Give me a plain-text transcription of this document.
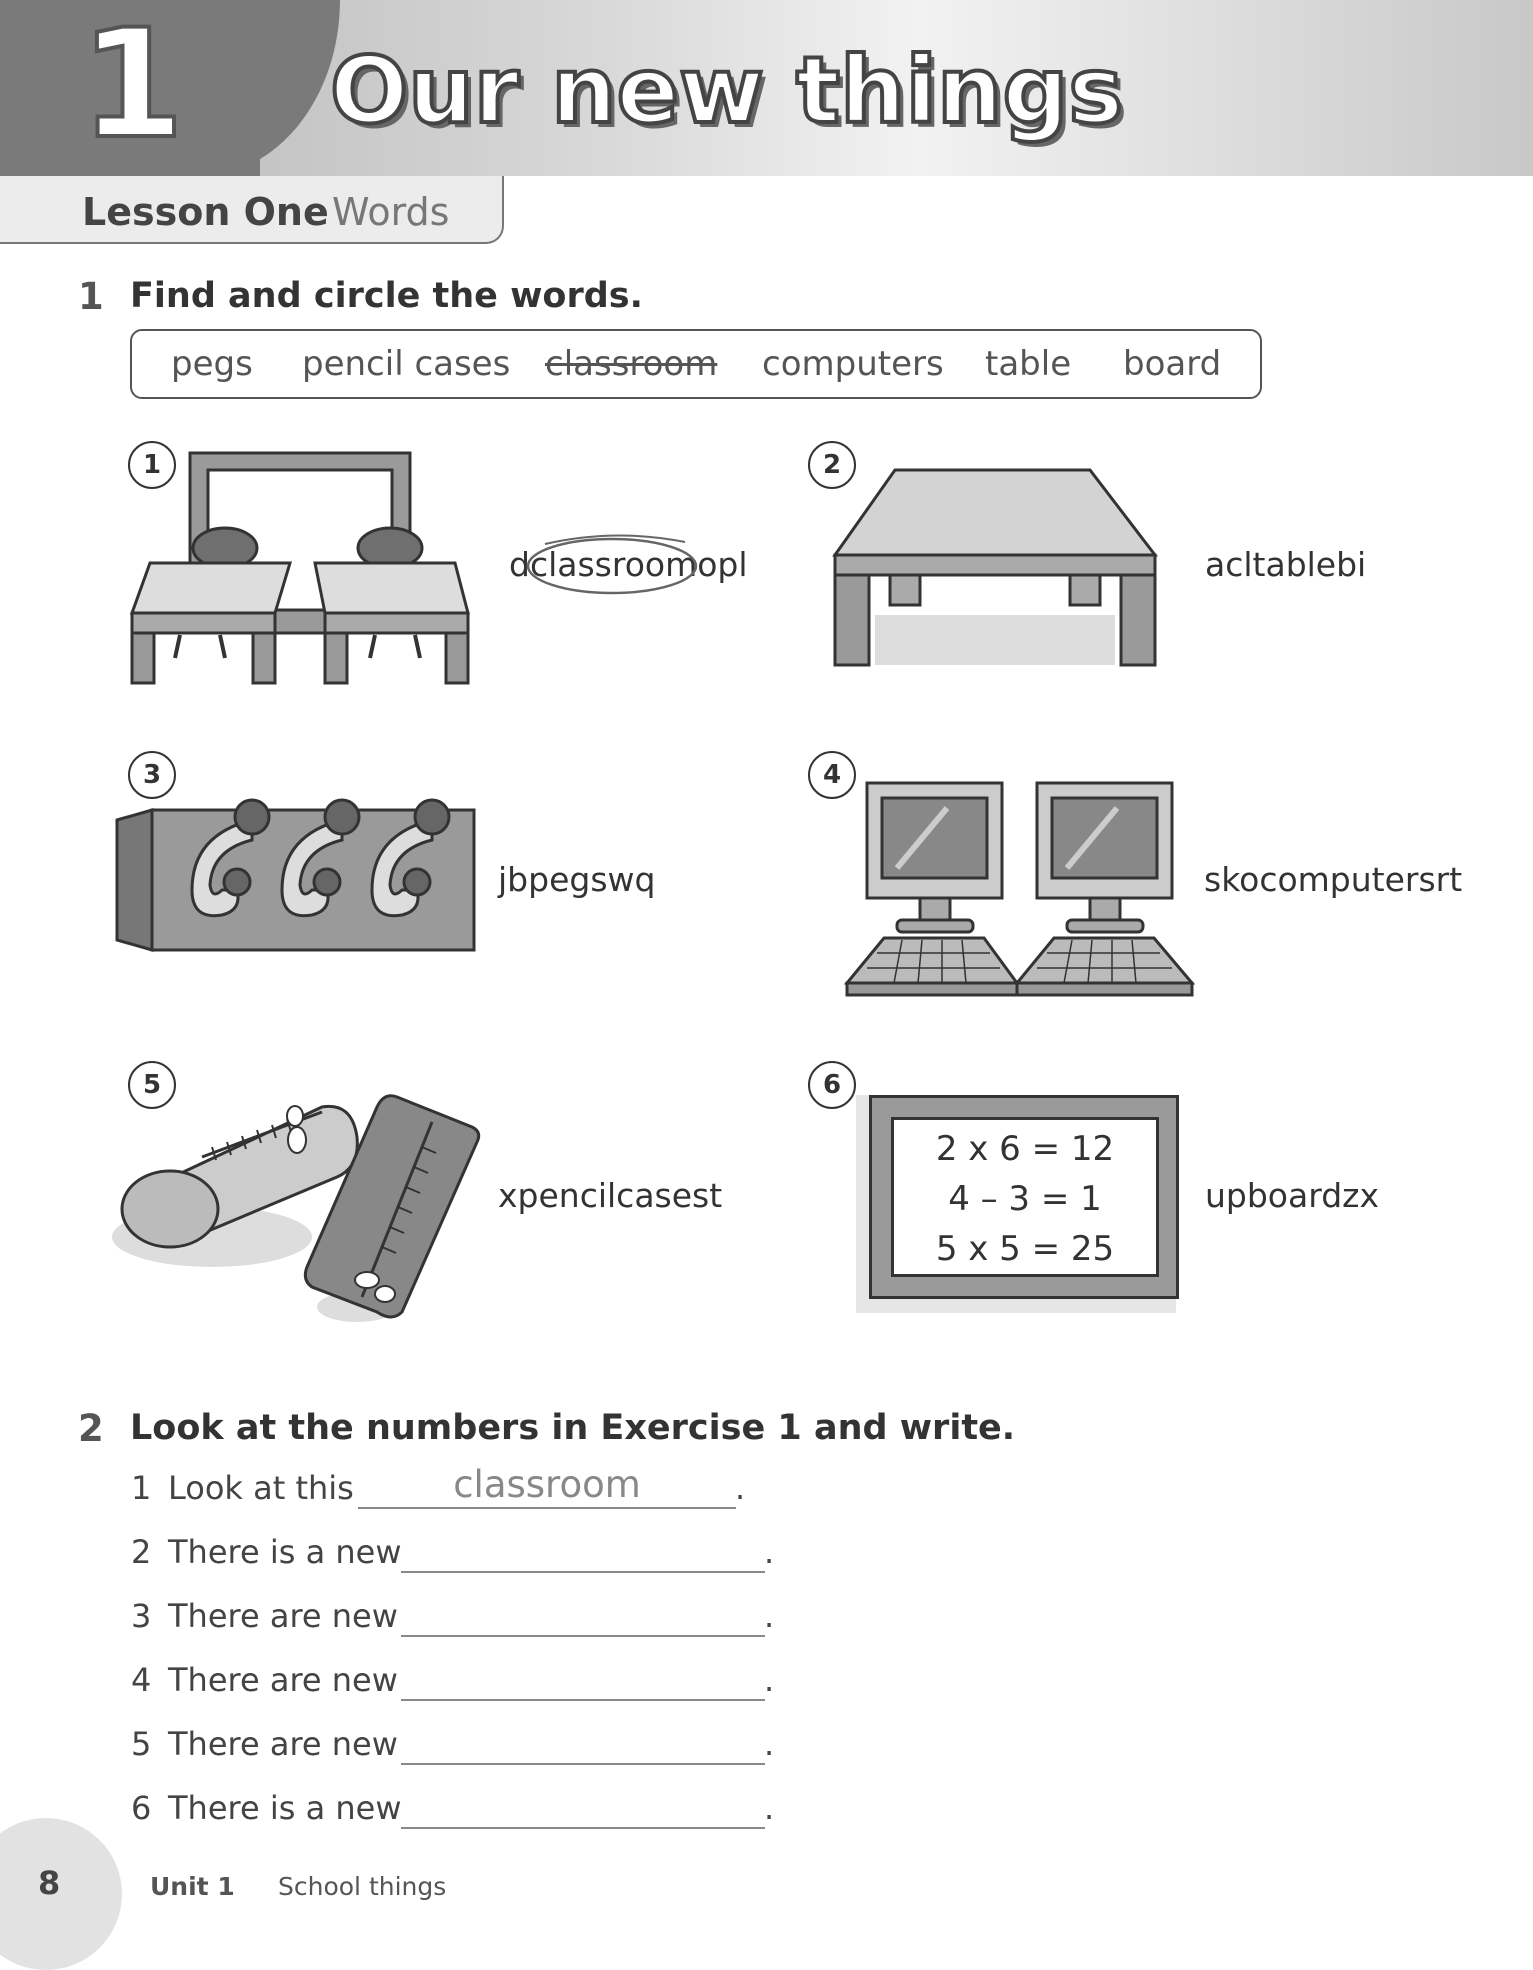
1 Our new things
Lesson One Words
1 Find and circle the words.
pegs pencil cases classroom computers table board
1
dclassroomopl
2
acltablebi
3
jbpegswq
4
skocomputersrt
5
xpencilcasest
6
2 x 6 = 12
4 – 3 = 1
5 x 5 = 25
upboardzx
2 Look at the numbers in Exercise 1 and write.
1 Look at this	classroom	.
2 There is a new	.
3 There are new	.
4 There are new	.
5 There are new	.
6 There is a new	.
8	Unit 1 School things
